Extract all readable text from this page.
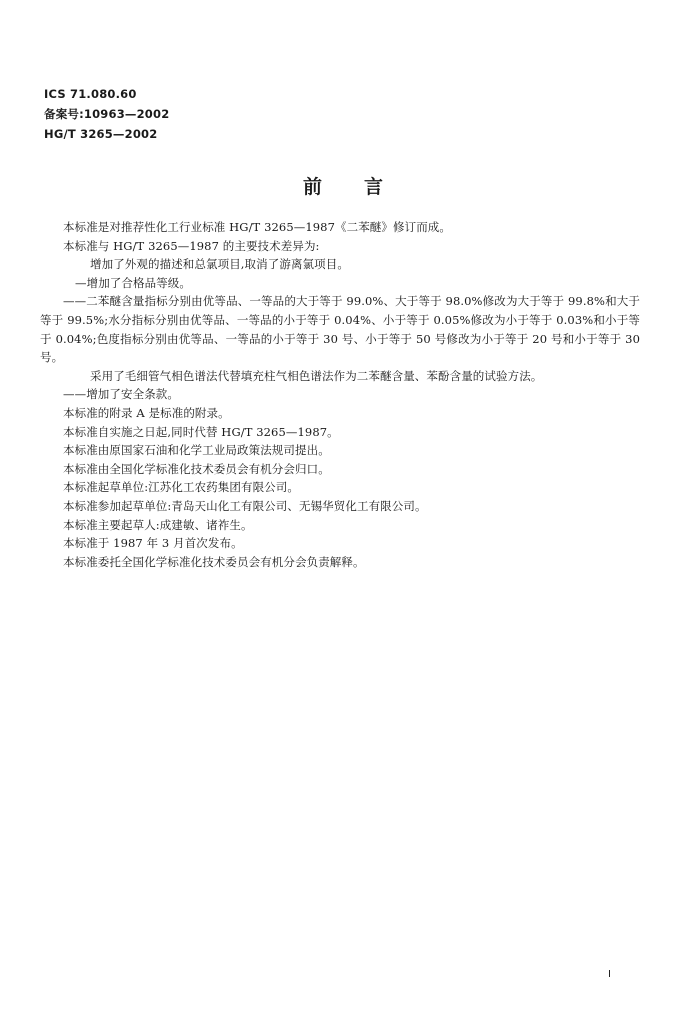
ICS 71.080.60
备案号:10963—2002
HG/T 3265—2002
前言

本标准是对推荐性化工行业标准 HG/T 3265—1987《二苯醚》修订而成。

本标准与 HG/T 3265—1987 的主要技术差异为:

增加了外观的描述和总氯项目,取消了游离氯项目。

—增加了合格品等级。

——二苯醚含量指标分别由优等品、一等品的大于等于 99.0%、大于等于 98.0%修改为大于等于 99.8%和大于等于 99.5%;水分指标分别由优等品、一等品的小于等于 0.04%、小于等于 0.05%修改为小于等于 0.03%和小于等于 0.04%;色度指标分别由优等品、一等品的小于等于 30 号、小于等于 50 号修改为小于等于 20 号和小于等于 30 号。

采用了毛细管气相色谱法代替填充柱气相色谱法作为二苯醚含量、苯酚含量的试验方法。

——增加了安全条款。

本标准的附录 A 是标准的附录。

本标准自实施之日起,同时代替 HG/T 3265—1987。

本标准由原国家石油和化学工业局政策法规司提出。

本标准由全国化学标准化技术委员会有机分会归口。

本标准起草单位:江苏化工农药集团有限公司。

本标准参加起草单位:青岛天山化工有限公司、无锡华贸化工有限公司。

本标准主要起草人:成建敏、诸祚生。

本标准于 1987 年 3 月首次发布。

本标准委托全国化学标准化技术委员会有机分会负责解释。

Ⅰ
